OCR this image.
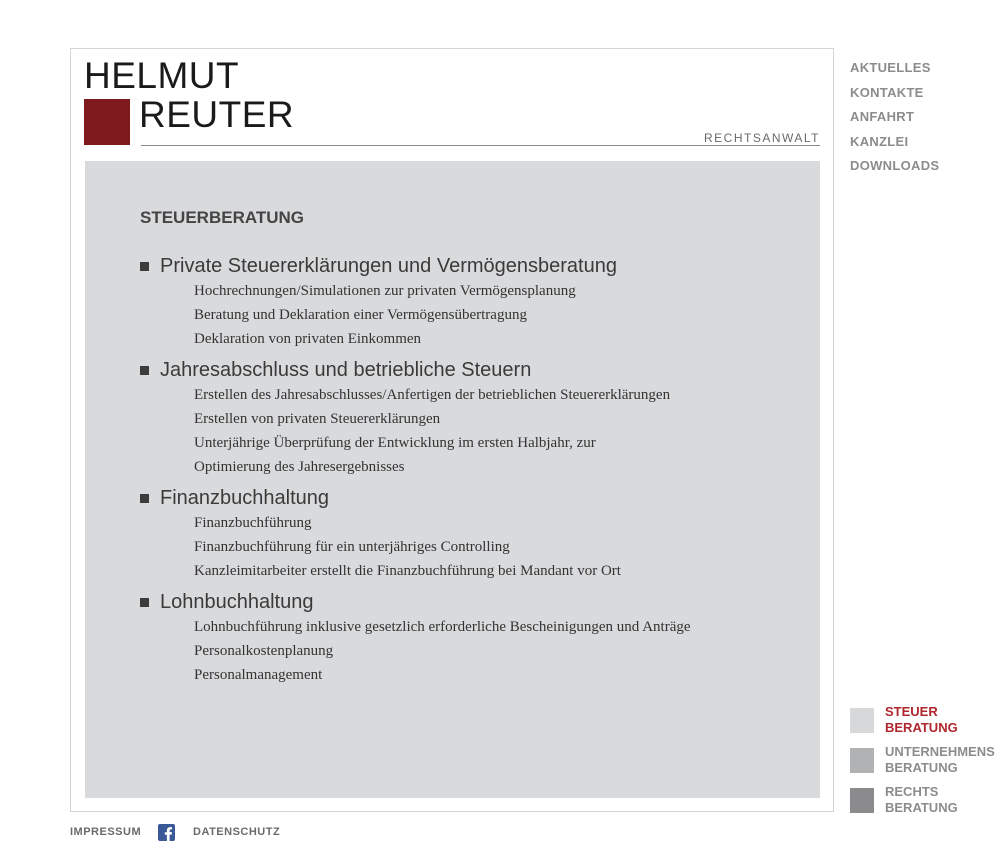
HELMUT
REUTER
RECHTSANWALT
STEUERBERATUNG
Private Steuererklärungen und Vermögensberatung
Hochrechnungen/Simulationen zur privaten Vermögensplanung
Beratung und Deklaration einer Vermögensübertragung
Deklaration von privaten Einkommen
Jahresabschluss und betriebliche Steuern
Erstellen des Jahresabschlusses/Anfertigen der betrieblichen Steuererklärungen
Erstellen von privaten Steuererklärungen
Unterjährige Überprüfung der Entwicklung im ersten Halbjahr, zur
Optimierung des Jahresergebnisses
Finanzbuchhaltung
Finanzbuchführung
Finanzbuchführung für ein unterjähriges Controlling
Kanzleimitarbeiter erstellt die Finanzbuchführung bei Mandant vor Ort
Lohnbuchhaltung
Lohnbuchführung inklusive gesetzlich erforderliche Bescheinigungen und Anträge
Personalkostenplanung
Personalmanagement
AKTUELLES
KONTAKTE
ANFAHRT
KANZLEI
DOWNLOADS
STEUER
BERATUNG
UNTERNEHMENS
BERATUNG
RECHTS
BERATUNG
IMPRESSUM	DATENSCHUTZ
